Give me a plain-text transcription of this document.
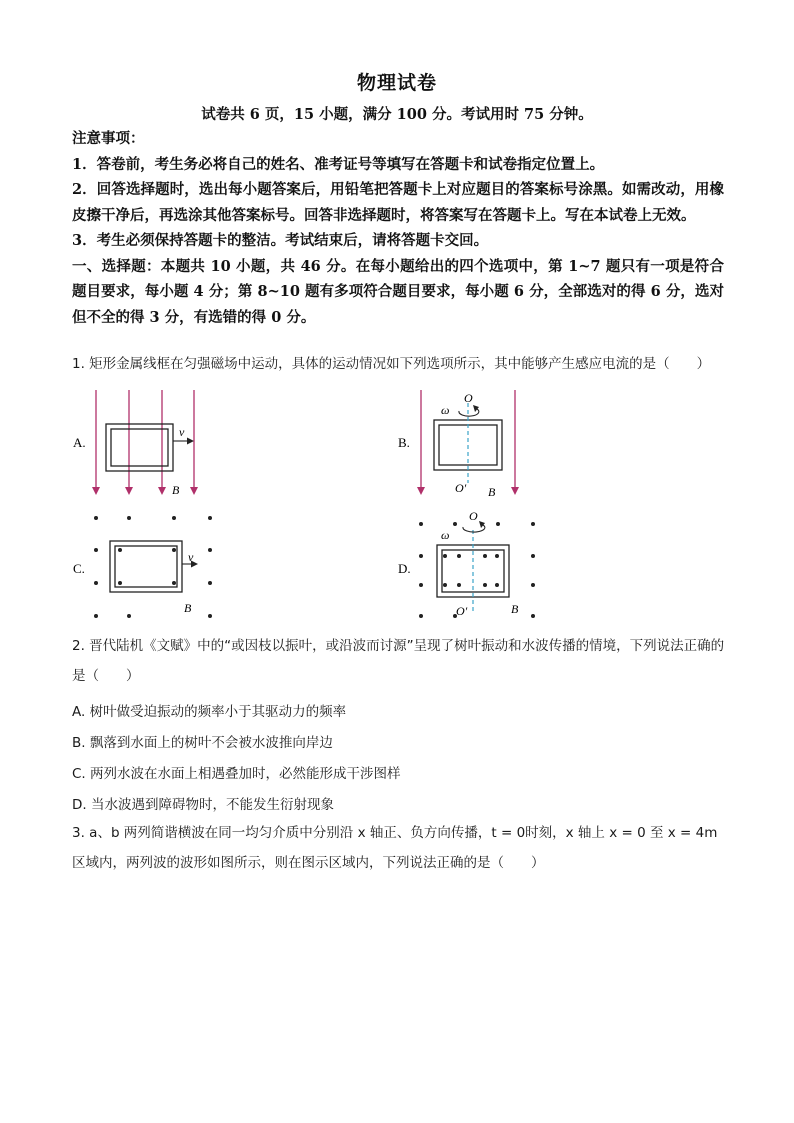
物理试卷
试卷共 6 页，15 小题，满分 100 分。考试用时 75 分钟。

注意事项：

1．答卷前，考生务必将自己的姓名、准考证号等填写在答题卡和试卷指定位置上。

2．回答选择题时，选出每小题答案后，用铅笔把答题卡上对应题目的答案标号涂黑。如需改动，用橡皮擦干净后，再选涂其他答案标号。回答非选择题时，将答案写在答题卡上。写在本试卷上无效。

3．考生必须保持答题卡的整洁。考试结束后，请将答题卡交回。

一、选择题：本题共 10 小题，共 46 分。在每小题给出的四个选项中，第 1~7 题只有一项是符合题目要求，每小题 4 分；第 8~10 题有多项符合题目要求，每小题 6 分，全部选对的得 6 分，选对但不全的得 3 分，有选错的得 0 分。

1. 矩形金属线框在匀强磁场中运动，具体的运动情况如下列选项所示，其中能够产生感应电流的是（　　）

A.
v
B
B.
ω
O
O′ B
C.
v
B
D.
ω
O
O′	B

2. 晋代陆机《文赋》中的“或因枝以振叶，或沿波而讨源”呈现了树叶振动和水波传播的情境，下列说法正确的是（　　）

A. 树叶做受迫振动的频率小于其驱动力的频率

B. 飘落到水面上的树叶不会被水波推向岸边

C. 两列水波在水面上相遇叠加时，必然能形成干涉图样

D. 当水波遇到障碍物时，不能发生衍射现象

3. a、b 两列简谐横波在同一均匀介质中分别沿 x 轴正、负方向传播，t = 0时刻，x 轴上 x = 0 至 x = 4m 区域内，两列波的波形如图所示，则在图示区域内，下列说法正确的是（　　）
